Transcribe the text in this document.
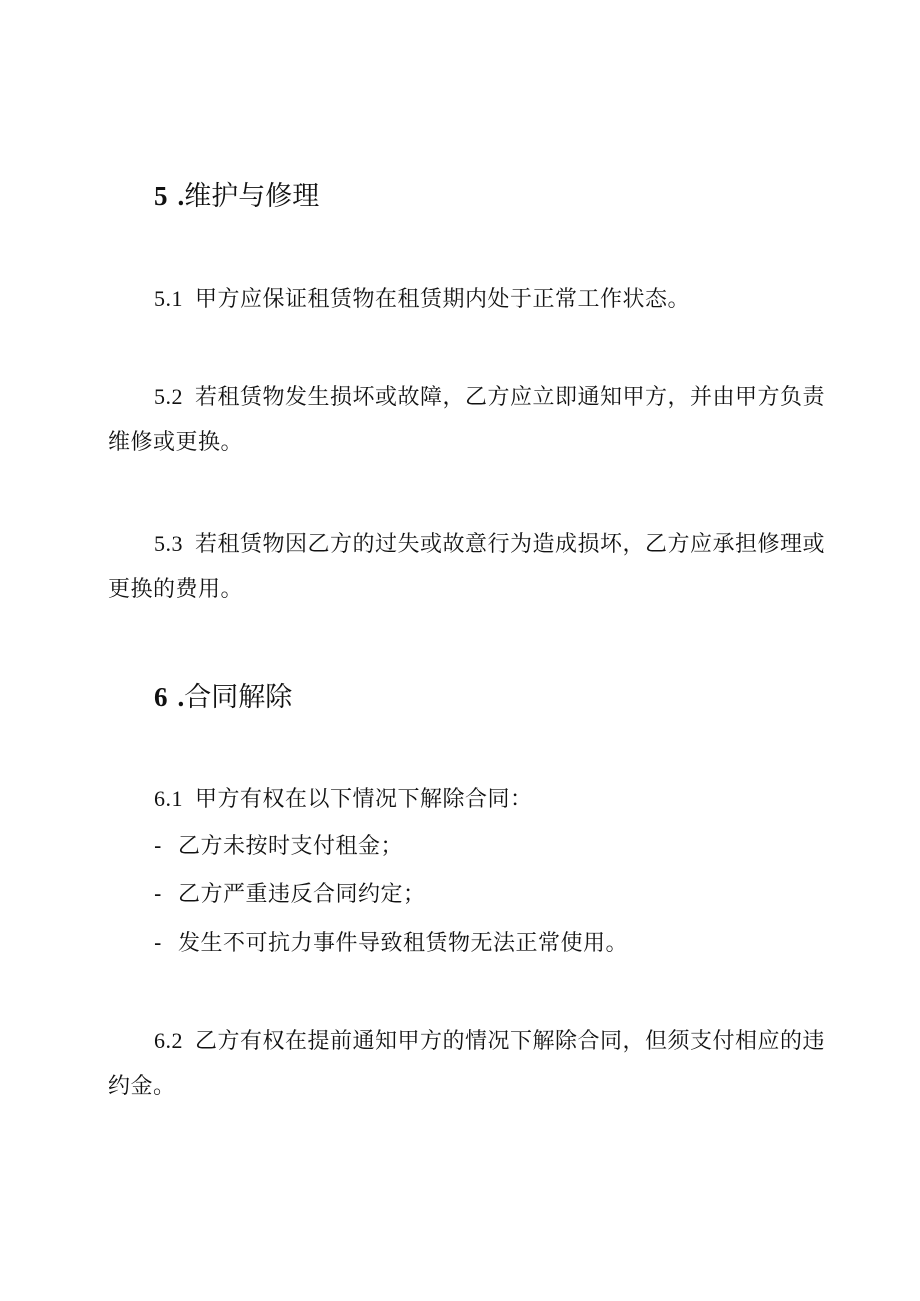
5 .维护与修理

5.1 甲方应保证租赁物在租赁期内处于正常工作状态。

5.2 若租赁物发生损坏或故障，乙方应立即通知甲方，并由甲方负责维修或更换。

5.3 若租赁物因乙方的过失或故意行为造成损坏，乙方应承担修理或更换的费用。

6 .合同解除

6.1 甲方有权在以下情况下解除合同：

- 乙方未按时支付租金；

- 乙方严重违反合同约定；

- 发生不可抗力事件导致租赁物无法正常使用。

6.2 乙方有权在提前通知甲方的情况下解除合同，但须支付相应的违约金。
